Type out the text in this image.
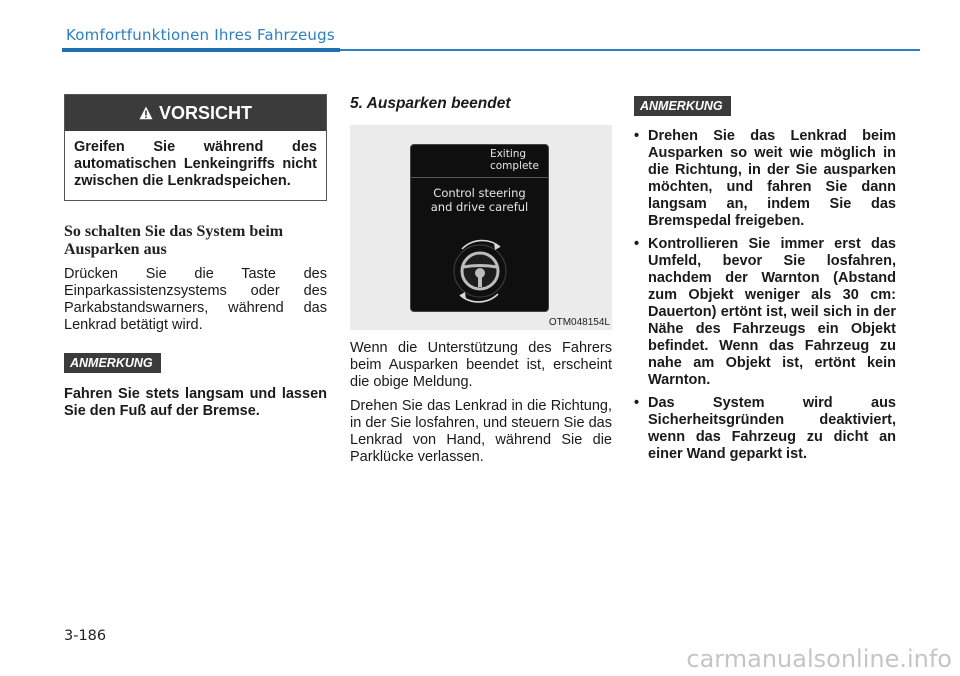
Komfortfunktionen Ihres Fahrzeugs
VORSICHT
Greifen Sie während des automatischen Lenkeingriffs nicht zwischen die Lenkradspeichen.
So schalten Sie das System beim Ausparken aus

Drücken Sie die Taste des Einparkassistenzsystems oder des Parkabstandswarners, während das Lenkrad betätigt wird.

ANMERKUNG

Fahren Sie stets langsam und lassen Sie den Fuß auf der Bremse.

5. Ausparken beendet
Exiting
complete
Control steering
and drive careful
OTM048154L

Wenn die Unterstützung des Fahrers beim Ausparken beendet ist, erscheint die obige Meldung.

Drehen Sie das Lenkrad in die Richtung, in der Sie losfahren, und steuern Sie das Lenkrad von Hand, während Sie die Parklücke verlassen.

ANMERKUNG
• Drehen Sie das Lenkrad beim Ausparken so weit wie möglich in die Richtung, in der Sie ausparken möchten, und fahren Sie dann langsam an, indem Sie das Bremspedal freigeben.
• Kontrollieren Sie immer erst das Umfeld, bevor Sie losfahren, nachdem der Warnton (Abstand zum Objekt weniger als 30 cm: Dauerton) ertönt ist, weil sich in der Nähe des Fahrzeugs ein Objekt befindet. Wenn das Fahrzeug zu nahe am Objekt ist, ertönt kein Warnton.
• Das System wird aus Sicherheitsgründen deaktiviert, wenn das Fahrzeug zu dicht an einer Wand geparkt ist.
3-186
carmanualsonline.info
